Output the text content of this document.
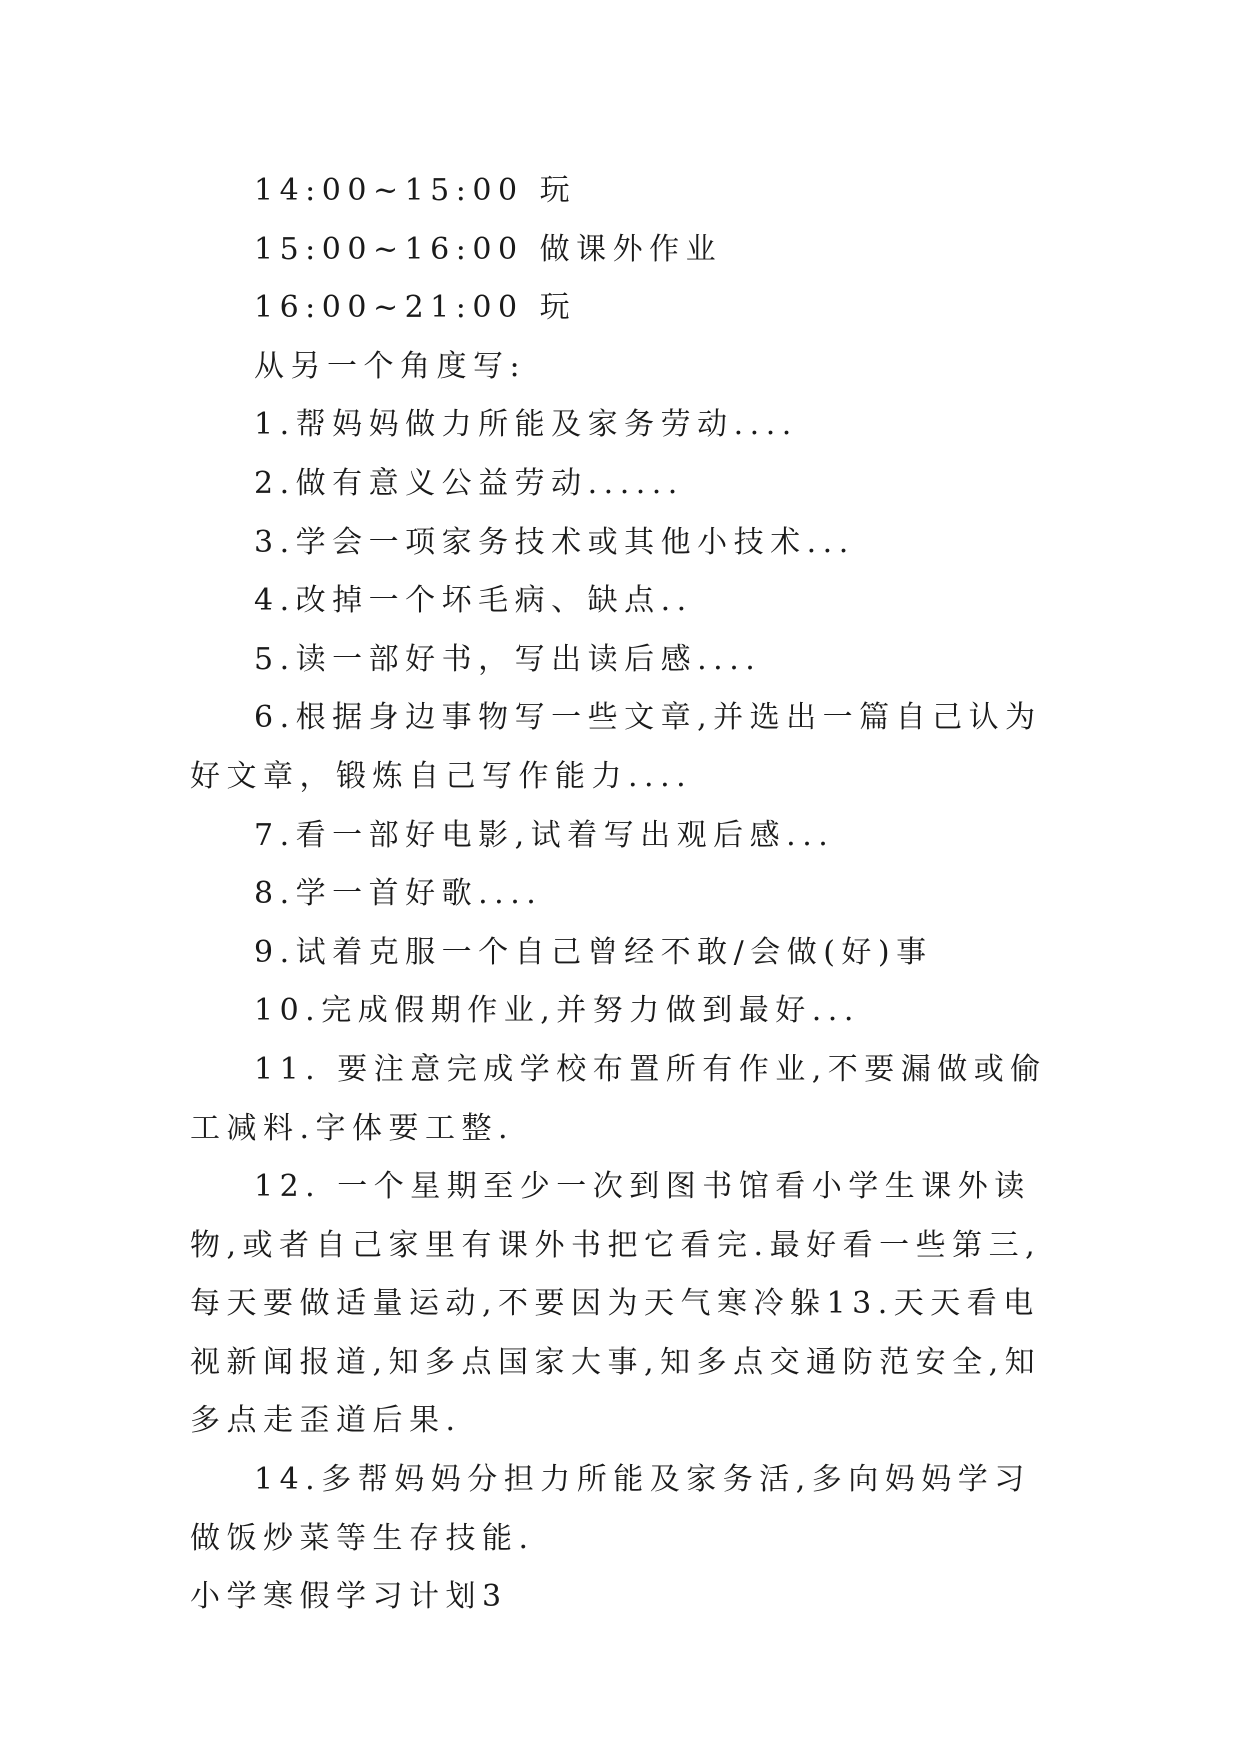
14:00~15:00 玩

15:00~16:00 做课外作业

16:00~21:00 玩

从另一个角度写:

1.帮妈妈做力所能及家务劳动....

2.做有意义公益劳动......

3.学会一项家务技术或其他小技术...

4.改掉一个坏毛病、缺点..

5.读一部好书，写出读后感....

6.根据身边事物写一些文章,并选出一篇自己认为好文章，锻炼自己写作能力....

7.看一部好电影,试着写出观后感...

8.学一首好歌....

9.试着克服一个自己曾经不敢/会做(好)事

10.完成假期作业,并努力做到最好...

11. 要注意完成学校布置所有作业,不要漏做或偷工减料.字体要工整.

12. 一个星期至少一次到图书馆看小学生课外读物,或者自己家里有课外书把它看完.最好看一些第三, 每天要做适量运动,不要因为天气寒冷躲13.天天看电视新闻报道,知多点国家大事,知多点交通防范安全,知多点走歪道后果.

14.多帮妈妈分担力所能及家务活,多向妈妈学习做饭炒菜等生存技能.

小学寒假学习计划3
